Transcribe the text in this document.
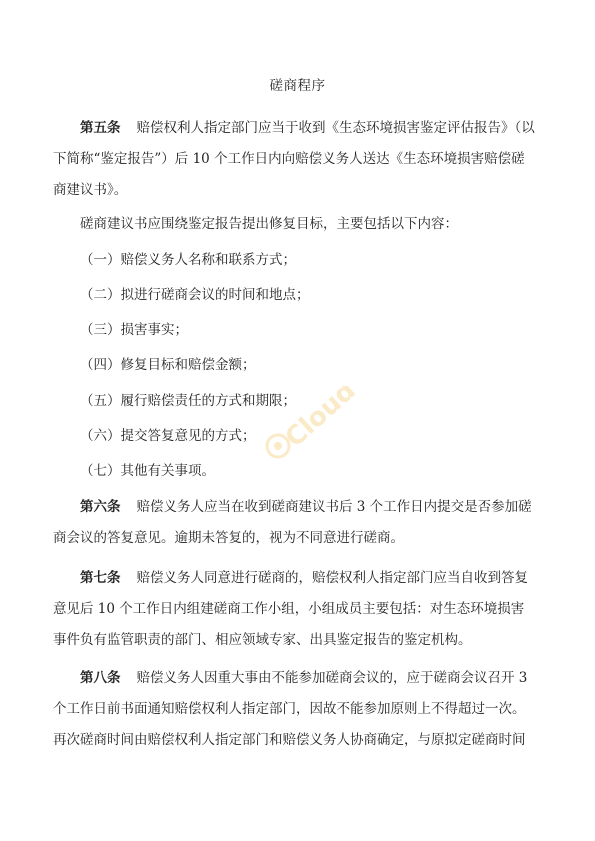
磋商程序
第五条 赔偿权利人指定部门应当于收到《生态环境损害鉴定评估报告》（以
下简称“鉴定报告”）后 10 个工作日内向赔偿义务人送达《生态环境损害赔偿磋
商建议书》。
磋商建议书应围绕鉴定报告提出修复目标，主要包括以下内容：
（一）赔偿义务人名称和联系方式；
（二）拟进行磋商会议的时间和地点；
（三）损害事实；
（四）修复目标和赔偿金额；
（五）履行赔偿责任的方式和期限；
（六）提交答复意见的方式；
（七）其他有关事项。
第六条 赔偿义务人应当在收到磋商建议书后 3 个工作日内提交是否参加磋
商会议的答复意见。逾期未答复的，视为不同意进行磋商。
第七条 赔偿义务人同意进行磋商的，赔偿权利人指定部门应当自收到答复
意见后 10 个工作日内组建磋商工作小组，小组成员主要包括：对生态环境损害
事件负有监管职责的部门、相应领域专家、出具鉴定报告的鉴定机构。
第八条 赔偿义务人因重大事由不能参加磋商会议的，应于磋商会议召开 3
个工作日前书面通知赔偿权利人指定部门，因故不能参加原则上不得超过一次。
再次磋商时间由赔偿权利人指定部门和赔偿义务人协商确定，与原拟定磋商时间
Cloud
